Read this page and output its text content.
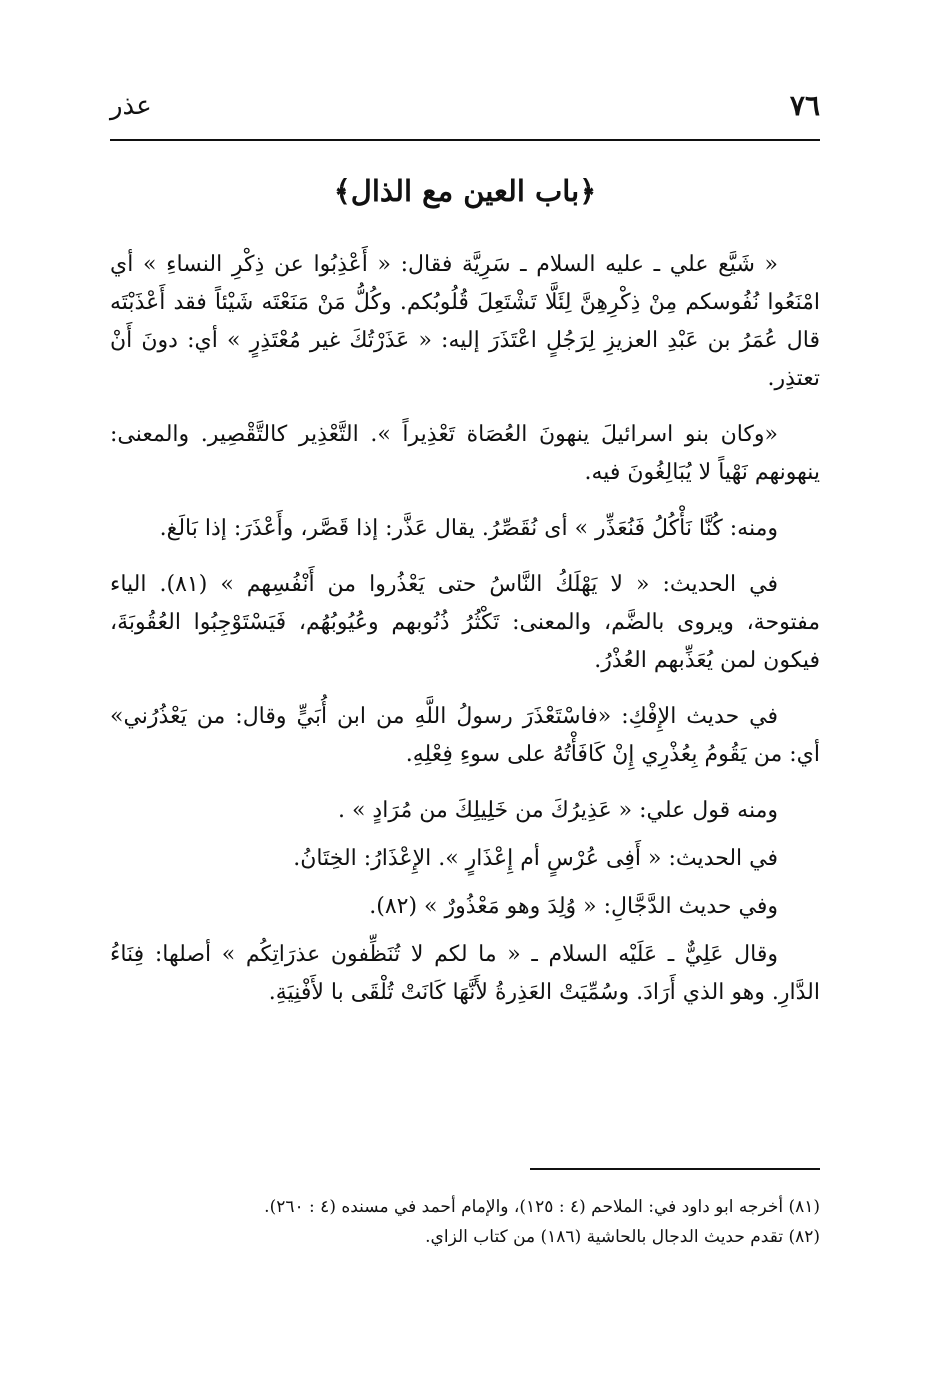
٧٦
عذر
﴿باب العين مع الذال﴾

« شَيَّع علي ـ عليه السلام ـ سَرِيَّة فقال: « أَعْذِبُوا عن ذِكْرِ النساءِ » أي امْنَعُوا نُفُوسكم مِنْ ذِكْرِهِنَّ لِئَلَّا تَشْتَعِلَ قُلُوبُكم. وكُلُّ مَنْ مَنَعْتَه شَيْئاً فقد أَعْذَبْتَه قال عُمَرُ بن عَبْدِ العزيزِ لِرَجُلٍ اعْتَذَرَ إليه: « عَذَرْتُكَ غير مُعْتَذِرٍ » أي: دونَ أَنْ تعتذِر.

«وكان بنو اسرائيلَ ينهونَ العُصَاة تَعْذِيراً ». التَّعْذِير كالتَّقْصِير. والمعنى: ينهونهم نَهْياً لا يُبَالِغُونَ فيه.

ومنه: كُنَّا نَأْكُلُ فَنُعَذِّر » أى نُقَصِّرُ. يقال عَذَّر: إذا قَصَّر، وأَعْذَرَ: إذا بَالَغ.

في الحديث: « لا يَهْلَكُ النَّاسُ حتى يَعْذُروا من أَنْفُسِهم » (٨١). الياء مفتوحة، ويروى بالضَّم، والمعنى: تَكْثُرُ ذُنُوبهم وعُيُوبُهُم، فَيَسْتَوْجِبُوا العُقُوبَةَ، فيكون لمن يُعَذِّبهم العُذْرُ.

في حديث الإِفْكِ: «فاسْتَعْذَرَ رسولُ اللَّهِ من ابن أُبَيٍّ وقال: من يَعْذُرُني» أي: من يَقُومُ بِعُذْرِي إِنْ كَافَأْتُهُ على سوءِ فِعْلِهِ.

ومنه قول علي: « عَذِيرُكَ من خَلِيلِكَ من مُرَادٍ » .

في الحديث: « أَفِى عُرْسٍ أم إِعْذَارٍ ». الإِعْذَارُ: الخِتَانُ.

وفي حديث الدَّجَّالِ: « وُلِدَ وهو مَعْذُورٌ » (٨٢).

وقال عَلِيٌّ ـ عَلَيْه السلام ـ « ما لكم لا تُنَظِّفون عذرَاتِكُم » أصلها: فِنَاءُ الدَّارِ. وهو الذي أَرَادَ. وسُمِّيَتْ العَذِرةُ لأَنَّهَا كَانَتْ تُلْقَى با لأَفْنِيَةِ.

(٨١) أخرجه ابو داود في: الملاحم (٤ : ١٢٥)، والإمام أحمد في مسنده (٤ : ٢٦٠).

(٨٢) تقدم حديث الدجال بالحاشية (١٨٦) من كتاب الزاي.
